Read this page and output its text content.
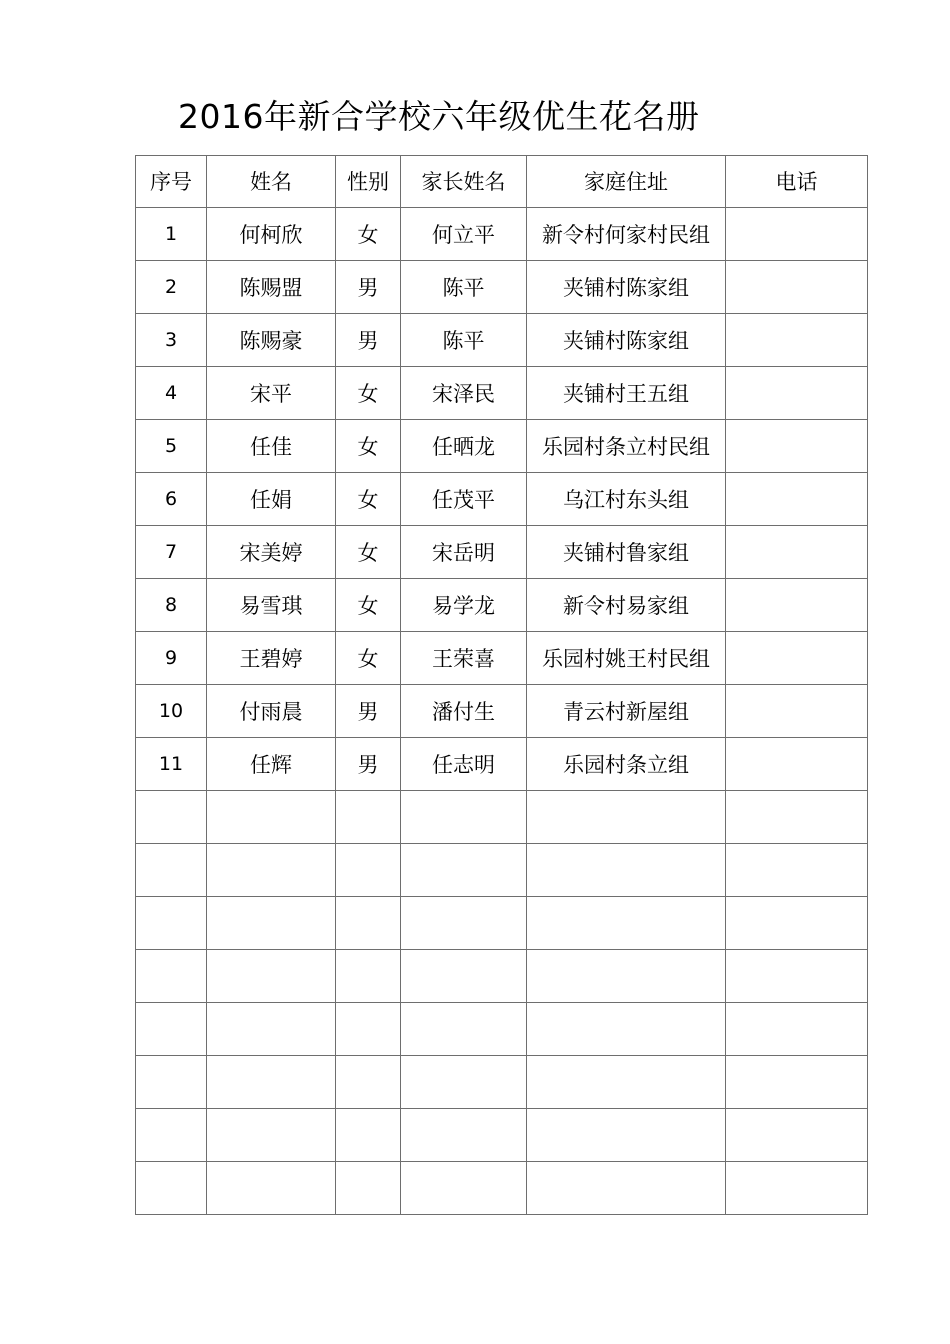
2016年新合学校六年级优生花名册
序号	姓名	性别	家长姓名	家庭住址	电话
1	何柯欣	女	何立平	新令村何家村民组	
2	陈赐盟	男	陈平	夹铺村陈家组	
3	陈赐豪	男	陈平	夹铺村陈家组	
4	宋平	女	宋泽民	夹铺村王五组	
5	任佳	女	任晒龙	乐园村条立村民组	
6	任娟	女	任茂平	乌江村东头组	
7	宋美婷	女	宋岳明	夹铺村鲁家组	
8	易雪琪	女	易学龙	新令村易家组	
9	王碧婷	女	王荣喜	乐园村姚王村民组	
10	付雨晨	男	潘付生	青云村新屋组	
11	任辉	男	任志明	乐园村条立组	
